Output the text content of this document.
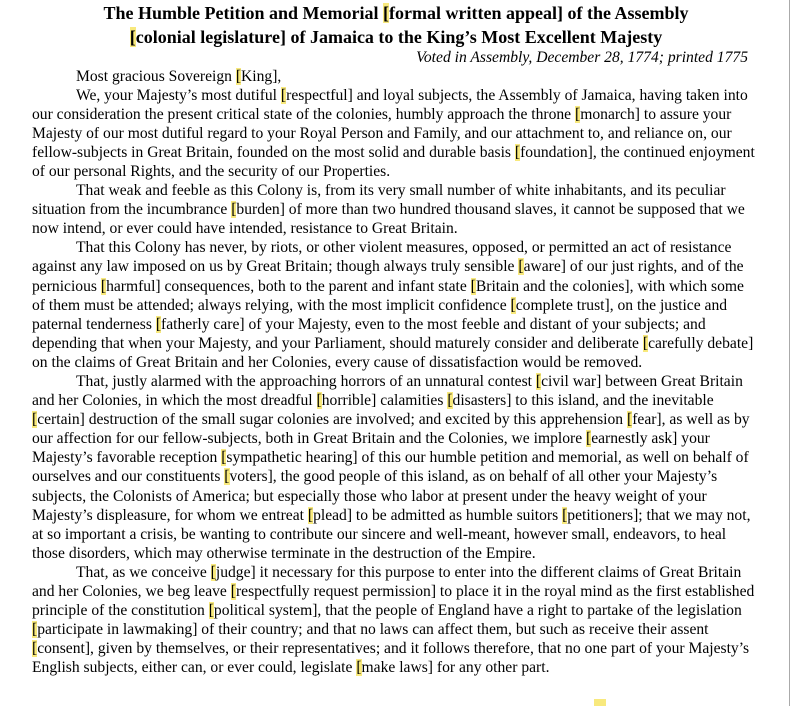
The Humble Petition and Memorial [formal written appeal] of the Assembly
[colonial legislature] of Jamaica to the King’s Most Excellent Majesty
Voted in Assembly, December 28, 1774; printed 1775

Most gracious Sovereign [King],

We, your Majesty’s most dutiful [respectful] and loyal subjects, the Assembly of Jamaica, having taken into our consideration the present critical state of the colonies, humbly approach the throne [monarch] to assure your Majesty of our most dutiful regard to your Royal Person and Family, and our attachment to, and reliance on, our fellow-subjects in Great Britain, founded on the most solid and durable basis [foundation], the continued enjoyment of our personal Rights, and the security of our Properties.

That weak and feeble as this Colony is, from its very small number of white inhabitants, and its peculiar situation from the incumbrance [burden] of more than two hundred thousand slaves, it cannot be supposed that we now intend, or ever could have intended, resistance to Great Britain.

That this Colony has never, by riots, or other violent measures, opposed, or permitted an act of resistance against any law imposed on us by Great Britain; though always truly sensible [aware] of our just rights, and of the pernicious [harmful] consequences, both to the parent and infant state [Britain and the colonies], with which some of them must be attended; always relying, with the most implicit confidence [complete trust], on the justice and paternal tenderness [fatherly care] of your Majesty, even to the most feeble and distant of your subjects; and depending that when your Majesty, and your Parliament, should maturely consider and deliberate [carefully debate] on the claims of Great Britain and her Colonies, every cause of dissatisfaction would be removed.

That, justly alarmed with the approaching horrors of an unnatural contest [civil war] between Great Britain and her Colonies, in which the most dreadful [horrible] calamities [disasters] to this island, and the inevitable [certain] destruction of the small sugar colonies are involved; and excited by this apprehension [fear], as well as by our affection for our fellow-subjects, both in Great Britain and the Colonies, we implore [earnestly ask] your Majesty’s favorable reception [sympathetic hearing] of this our humble petition and memorial, as well on behalf of ourselves and our constituents [voters], the good people of this island, as on behalf of all other your Majesty’s subjects, the Colonists of America; but especially those who labor at present under the heavy weight of your Majesty’s displeasure, for whom we entreat [plead] to be admitted as humble suitors [petitioners]; that we may not, at so important a crisis, be wanting to contribute our sincere and well-meant, however small, endeavors, to heal those disorders, which may otherwise terminate in the destruction of the Empire.

That, as we conceive [judge] it necessary for this purpose to enter into the different claims of Great Britain and her Colonies, we beg leave [respectfully request permission] to place it in the royal mind as the first established principle of the constitution [political system], that the people of England have a right to partake of the legislation [participate in lawmaking] of their country; and that no laws can affect them, but such as receive their assent [consent], given by themselves, or their representatives; and it follows therefore, that no one part of your Majesty’s English subjects, either can, or ever could, legislate [make laws] for any other part.
